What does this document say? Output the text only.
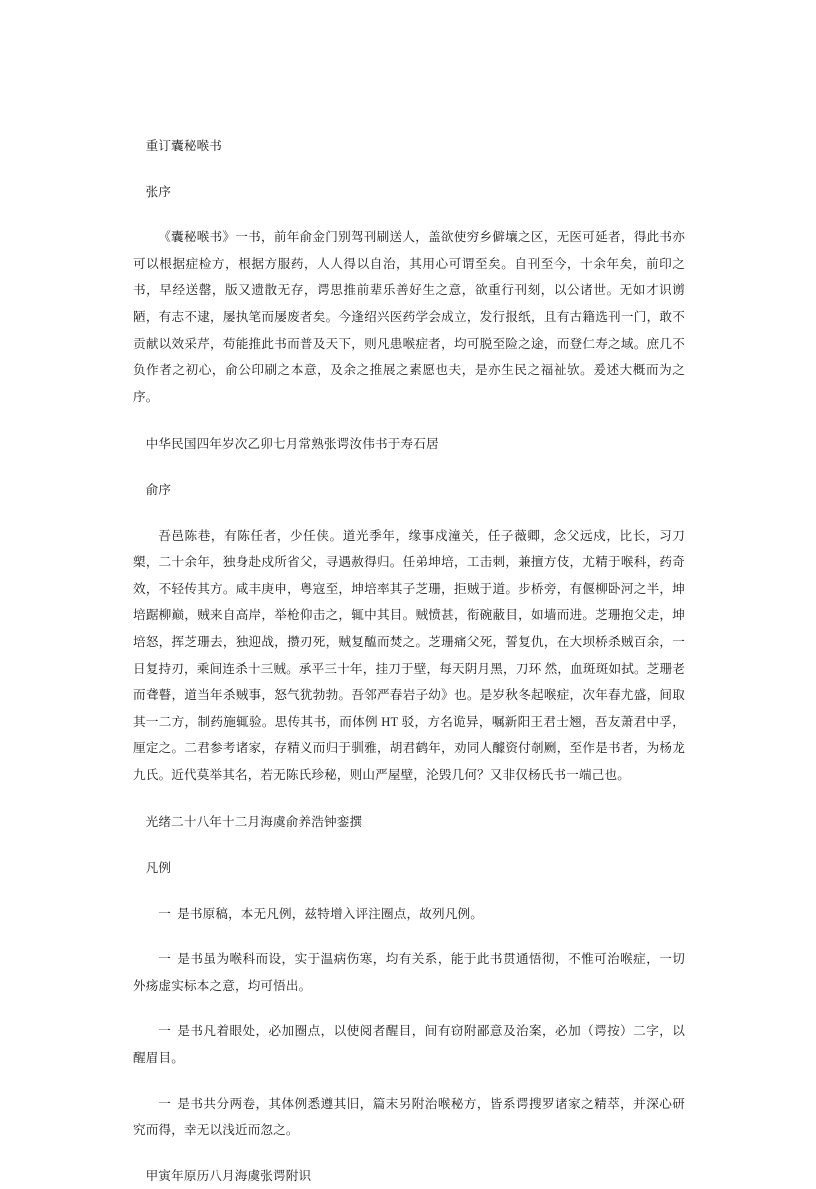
重订囊秘喉书
张序
《囊秘喉书》一书，前年俞金门别驾刊刷送人，盖欲使穷乡僻壤之区，无医可延者，得此书亦可以根据症检方，根据方服药，人人得以自治，其用心可谓至矣。自刊至今，十余年矣，前印之书，早经送罄，版又遗散无存，谔思推前辈乐善好生之意，欲重行刊刻，以公诸世。无如才识谫陋，有志不逮，屡执笔而屡废者矣。今逢绍兴医药学会成立，发行报纸，且有古籍选刊一门，敢不贡献以效采芹，苟能推此书而普及天下，则凡患喉症者，均可脱至险之途，而登仁寿之域。庶几不负作者之初心，俞公印刷之本意，及余之推展之素愿也夫，是亦生民之福祉欤。爰述大概而为之序。
中华民国四年岁次乙卯七月常熟张谔汝伟书于寿石居
俞序
吾邑陈巷，有陈任者，少任侠。道光季年，缘事戍潼关，任子薇卿，念父远戍，比长，习刀槊，二十余年，独身赴戍所省父，寻遇赦得归。任弟坤培，工击刺，兼擅方伎，尤精于喉科，药奇效，不轻传其方。咸丰庚申，粤寇至，坤培率其子芝珊，拒贼于道。步桥旁，有偃柳卧河之半，坤培踞柳巅，贼来自高岸，举枪仰击之，辄中其目。贼愤甚，衔碗蔽目，如墙而进。芝珊抱父走，坤培怒，挥芝珊去，独迎战，攒刃死，贼复醢而焚之。芝珊痛父死，誓复仇，在大坝桥杀贼百余，一日复持刃，乘间连杀十三贼。承平三十年，挂刀于壁，每天阴月黑，刀环 然，血斑斑如拭。芝珊老而聋瞽，道当年杀贼事，怒气犹勃勃。吾邻严春岩子幼》也。是岁秋冬起喉症，次年春尤盛，间取其一二方，制药施辄验。思传其书，而体例 HT 驳，方名诡异，嘱新阳王君士翘，吾友萧君中孚，厘定之。二君参考诸家，存精义而归于驯雅，胡君鹤年，劝同人醵资付剞劂，至作是书者，为杨龙九氏。近代莫举其名，若无陈氏珍秘，则山严屋壁，沦毁几何？又非仅杨氏书一端己也。
光绪二十八年十二月海虞俞养浩钟銮撰
凡例
一是书原稿，本无凡例，兹特增入评注圈点，故列凡例。
一是书虽为喉科而设，实于温病伤寒，均有关系，能于此书贯通悟彻，不惟可治喉症，一切外疡虚实标本之意，均可悟出。
一是书凡着眼处，必加圈点，以使阅者醒目，间有窃附鄙意及治案，必加（谔按）二字，以醒眉目。
一是书共分两卷，其体例悉遵其旧，篇末另附治喉秘方，皆系谔搜罗诸家之精萃，并深心研究而得，幸无以浅近而忽之。
甲寅年原历八月海虞张谔附识
